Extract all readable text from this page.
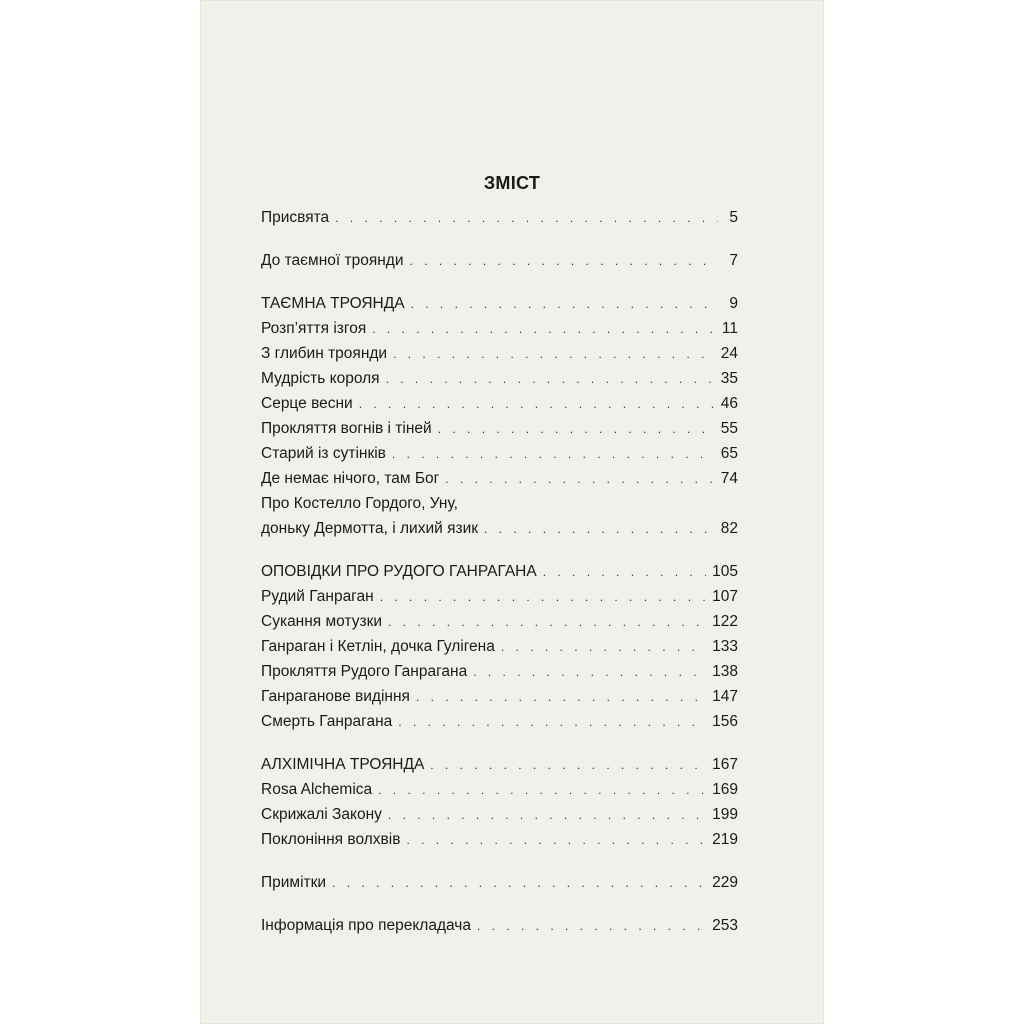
ЗМІСТ
Присвята . . .	5
До таємної троянди . . .	7
ТАЄМНА ТРОЯНДА . . .	9
Розп’яття ізгоя . . .	11
З глибин троянди . . .	24
Мудрість короля . . .	35
Серце весни . . .	46
Прокляття вогнів і тіней . . .	55
Старий із сутінків . . .	65
Де немає нічого, там Бог . . .	74
Про Костелло Гордого, Уну,
доньку Дермотта, і лихий язик . . .	82
ОПОВІДКИ ПРО РУДОГО ГАНРАГАНА . . .	105
Рудий Ганраган . . .	107
Сукання мотузки . . .	122
Ганраган і Кетлін, дочка Гулігена . . .	133
Прокляття Рудого Ганрагана . . .	138
Ганраганове видіння . . .	147
Смерть Ганрагана . . .	156
АЛХІМІЧНА ТРОЯНДА . . .	167
Rosa Alchemica . . .	169
Скрижалі Закону . . .	199
Поклоніння волхвів . . .	219
Примітки . . .	229
Інформація про перекладача . . .	253
